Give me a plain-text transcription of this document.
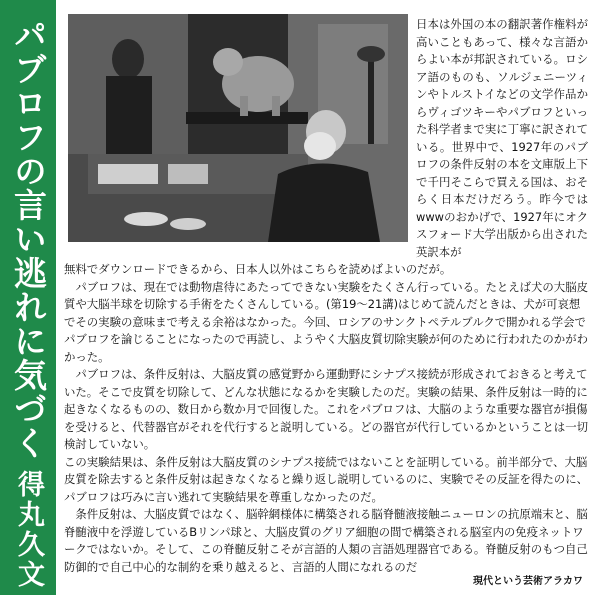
パブロフの言い逃れに気づく
得丸久文
日本は外国の本の翻訳著作権料が高いこともあって、様々な言語からよい本が邦訳されている。ロシア語のものも、ソルジェニーツィンやトルストイなどの文学作品からヴィゴツキーやパブロフといった科学者まで実に丁寧に訳されている。世界中で、1927年のパブロフの条件反射の本を文庫版上下で千円そこらで買える国は、おそらく日本だけだろう。昨今ではwwwのおかげで、1927年にオクスフォード大学出版から出された英訳本が

無料でダウンロードできるから、日本人以外はこちらを読めばよいのだが。

パブロフは、現在では動物虐待にあたってできない実験をたくさん行っている。たとえば犬の大脳皮質や大脳半球を切除する手術をたくさんしている。(第19～21講)はじめて読んだときは、犬が可哀想でその実験の意味まで考える余裕はなかった。今回、ロシアのサンクトペテルブルクで開かれる学会でパブロフを論じることになったので再読し、ようやく大脳皮質切除実験が何のために行われたのかがわかった。

パブロフは、条件反射は、大脳皮質の感覚野から運動野にシナプス接続が形成されておきると考えていた。そこで皮質を切除して、どんな状態になるかを実験したのだ。実験の結果、条件反射は一時的に起きなくなるものの、数日から数か月で回復した。これをパブロフは、大脳のような重要な器官が損傷を受けると、代替器官がそれを代行すると説明している。どの器官が代行しているかということは一切検討していない。

この実験結果は、条件反射は大脳皮質のシナプス接続ではないことを証明している。前半部分で、大脳皮質を除去すると条件反射は起きなくなると繰り返し説明しているのに、実験でその反証を得たのに、パブロフは巧みに言い逃れて実験結果を尊重しなかったのだ。

条件反射は、大脳皮質ではなく、脳幹網様体に構築される脳脊髄液接触ニューロンの抗原端末と、脳脊髄液中を浮遊しているBリンパ球と、大脳皮質のグリア細胞の間で構築される脳室内の免疫ネットワークではないか。そして、この脊髄反射こそが言語的人類の言語処理器官である。脊髄反射のもつ自己防御的で自己中心的な制約を乗り越えると、言語的人間になれるのだ

現代という芸術アラカワ
